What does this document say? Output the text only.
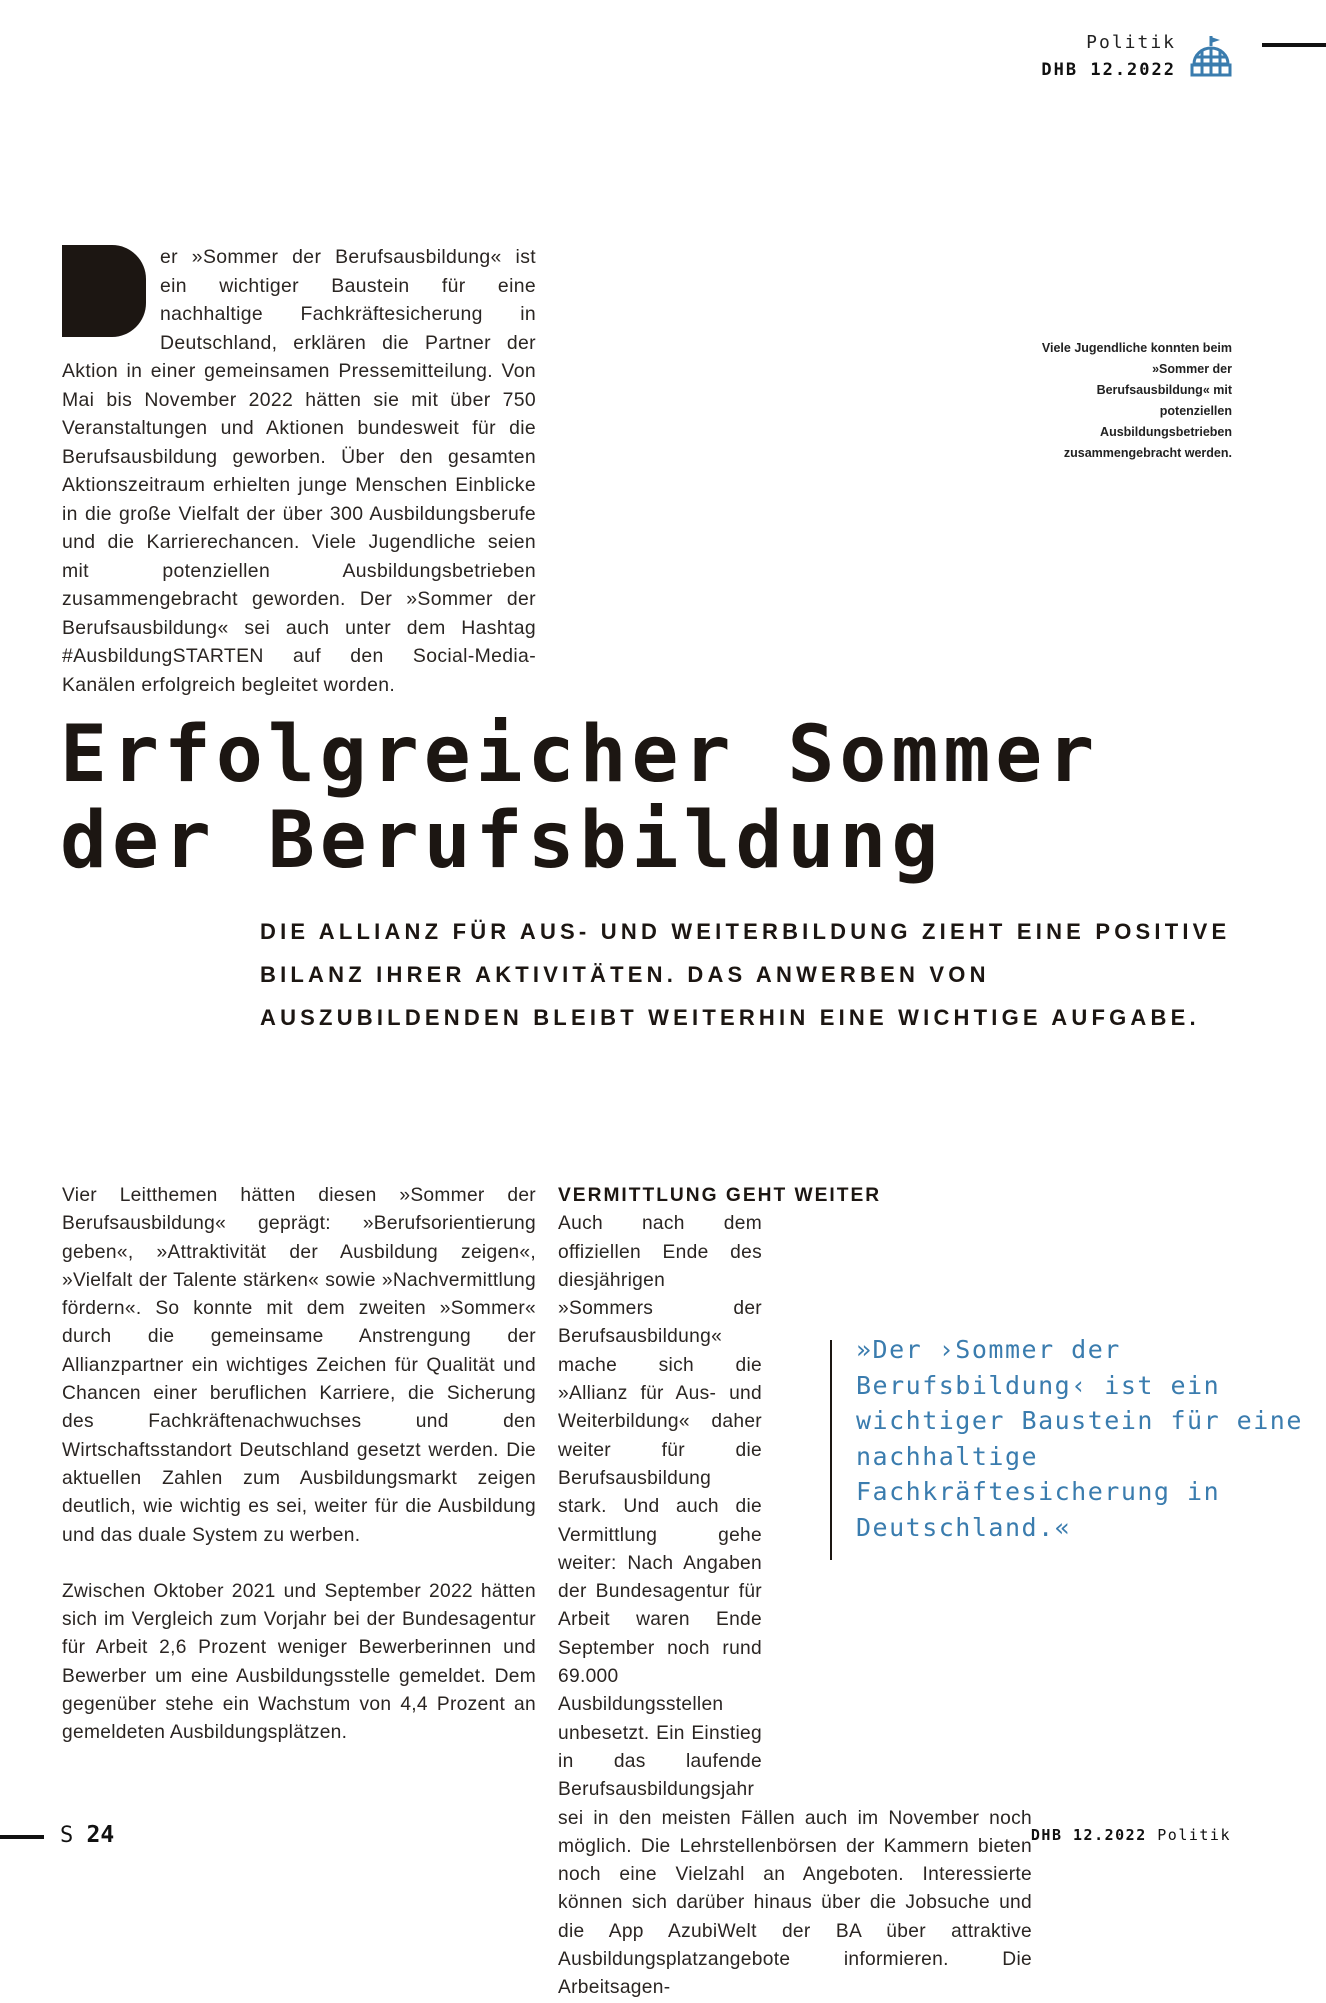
Politik
DHB 12.2022

er »Sommer der Berufsausbildung« ist ein wichtiger Baustein für eine nachhaltige Fachkräftesicherung in Deutschland, erklären die Partner der Aktion in einer gemeinsamen Pressemitteilung. Von Mai bis November 2022 hätten sie mit über 750 Veranstaltungen und Aktionen bundesweit für die Berufsausbildung geworben. Über den gesamten Aktionszeitraum erhielten junge Menschen Einblicke in die große Vielfalt der über 300 Ausbildungsberufe und die Karrierechancen. Viele Jugendliche seien mit potenziellen Ausbildungsbetrieben zusammengebracht geworden. Der »Sommer der Berufsausbildung« sei auch unter dem Hashtag #AusbildungSTARTEN auf den Social-Media-Kanälen erfolgreich begleitet worden.

Viele Jugendliche konnten beim »Sommer der Berufsausbildung« mit potenziellen Ausbildungsbetrieben zusammengebracht werden.
Erfolgreicher Sommer
der Berufsbildung
DIE ALLIANZ FÜR AUS- UND WEITERBILDUNG ZIEHT EINE POSITIVE BILANZ IHRER AKTIVITÄTEN. DAS ANWERBEN VON AUSZUBILDENDEN BLEIBT WEITERHIN EINE WICHTIGE AUFGABE.

Vier Leitthemen hätten diesen »Sommer der Berufsausbildung« geprägt: »Berufsorientierung geben«, »Attraktivität der Ausbildung zeigen«, »Vielfalt der Talente stärken« sowie »Nachvermittlung fördern«. So konnte mit dem zweiten »Sommer« durch die gemeinsame Anstrengung der Allianzpartner ein wichtiges Zeichen für Qualität und Chancen einer beruflichen Karriere, die Sicherung des Fachkräftenachwuchses und den Wirtschaftsstandort Deutschland gesetzt werden. Die aktuellen Zahlen zum Ausbildungsmarkt zeigen deutlich, wie wichtig es sei, weiter für die Ausbildung und das duale System zu werben.

Zwischen Oktober 2021 und September 2022 hätten sich im Vergleich zum Vorjahr bei der Bundesagentur für Arbeit 2,6 Prozent weniger Bewerberinnen und Bewerber um eine Ausbildungsstelle gemeldet. Dem gegenüber stehe ein Wachstum von 4,4 Prozent an gemeldeten Ausbildungsplätzen.

VERMITTLUNG GEHT WEITER

Auch nach dem offiziellen Ende des diesjährigen »Sommers der Berufsausbildung« mache sich die »Allianz für Aus- und Weiterbildung« daher weiter für die Berufsausbildung stark. Und auch die Vermittlung gehe weiter: Nach Angaben der Bundesagentur für Arbeit waren Ende September noch rund 69.000 Ausbildungsstellen unbesetzt. Ein Einstieg in das laufende Berufsausbildungsjahr sei in den meisten Fällen auch im November noch möglich. Die Lehrstellenbörsen der Kammern bieten noch eine Vielzahl an Angeboten. Interessierte können sich darüber hinaus über die Jobsuche und die App AzubiWelt der BA über attraktive Ausbildungsplatzangebote informieren. Die Arbeitsagen-

»Der ›Sommer der Berufsbildung‹ ist ein wichtiger Baustein für eine nachhaltige Fachkräftesicherung in Deutschland.«
S 24	DHB 12.2022 Politik
